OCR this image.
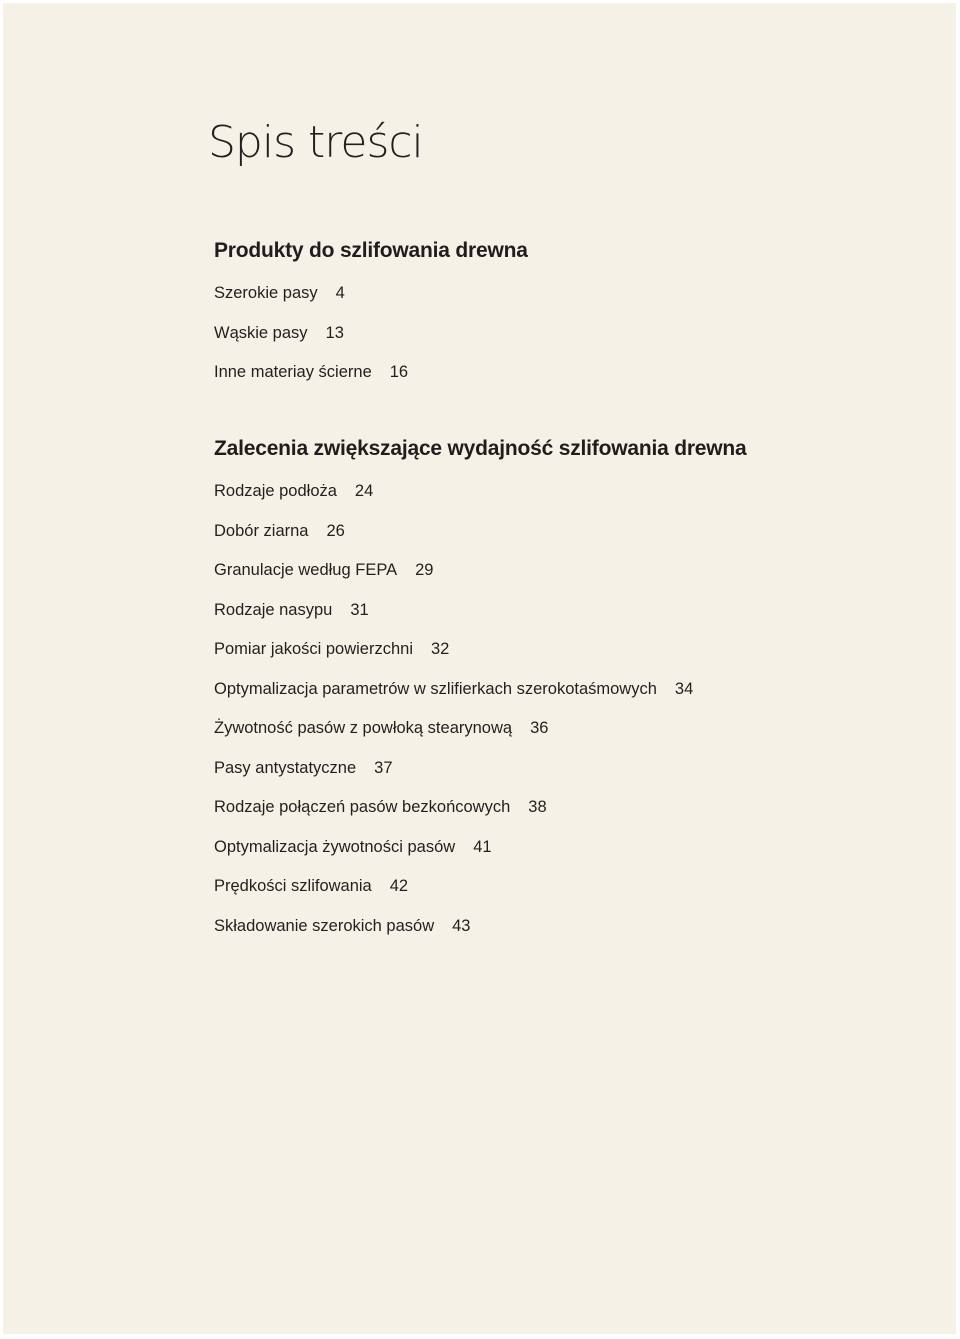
Spis treści
Produkty do szlifowania drewna
Szerokie pasy 4
Wąskie pasy 13
Inne materiay ścierne 16
Zalecenia zwiększające wydajność szlifowania drewna
Rodzaje podłoża 24
Dobór ziarna 26
Granulacje według FEPA 29
Rodzaje nasypu 31
Pomiar jakości powierzchni 32
Optymalizacja parametrów w szlifierkach szerokotaśmowych 34
Żywotność pasów z powłoką stearynową 36
Pasy antystatyczne 37
Rodzaje połączeń pasów bezkońcowych 38
Optymalizacja żywotności pasów 41
Prędkości szlifowania 42
Składowanie szerokich pasów 43
